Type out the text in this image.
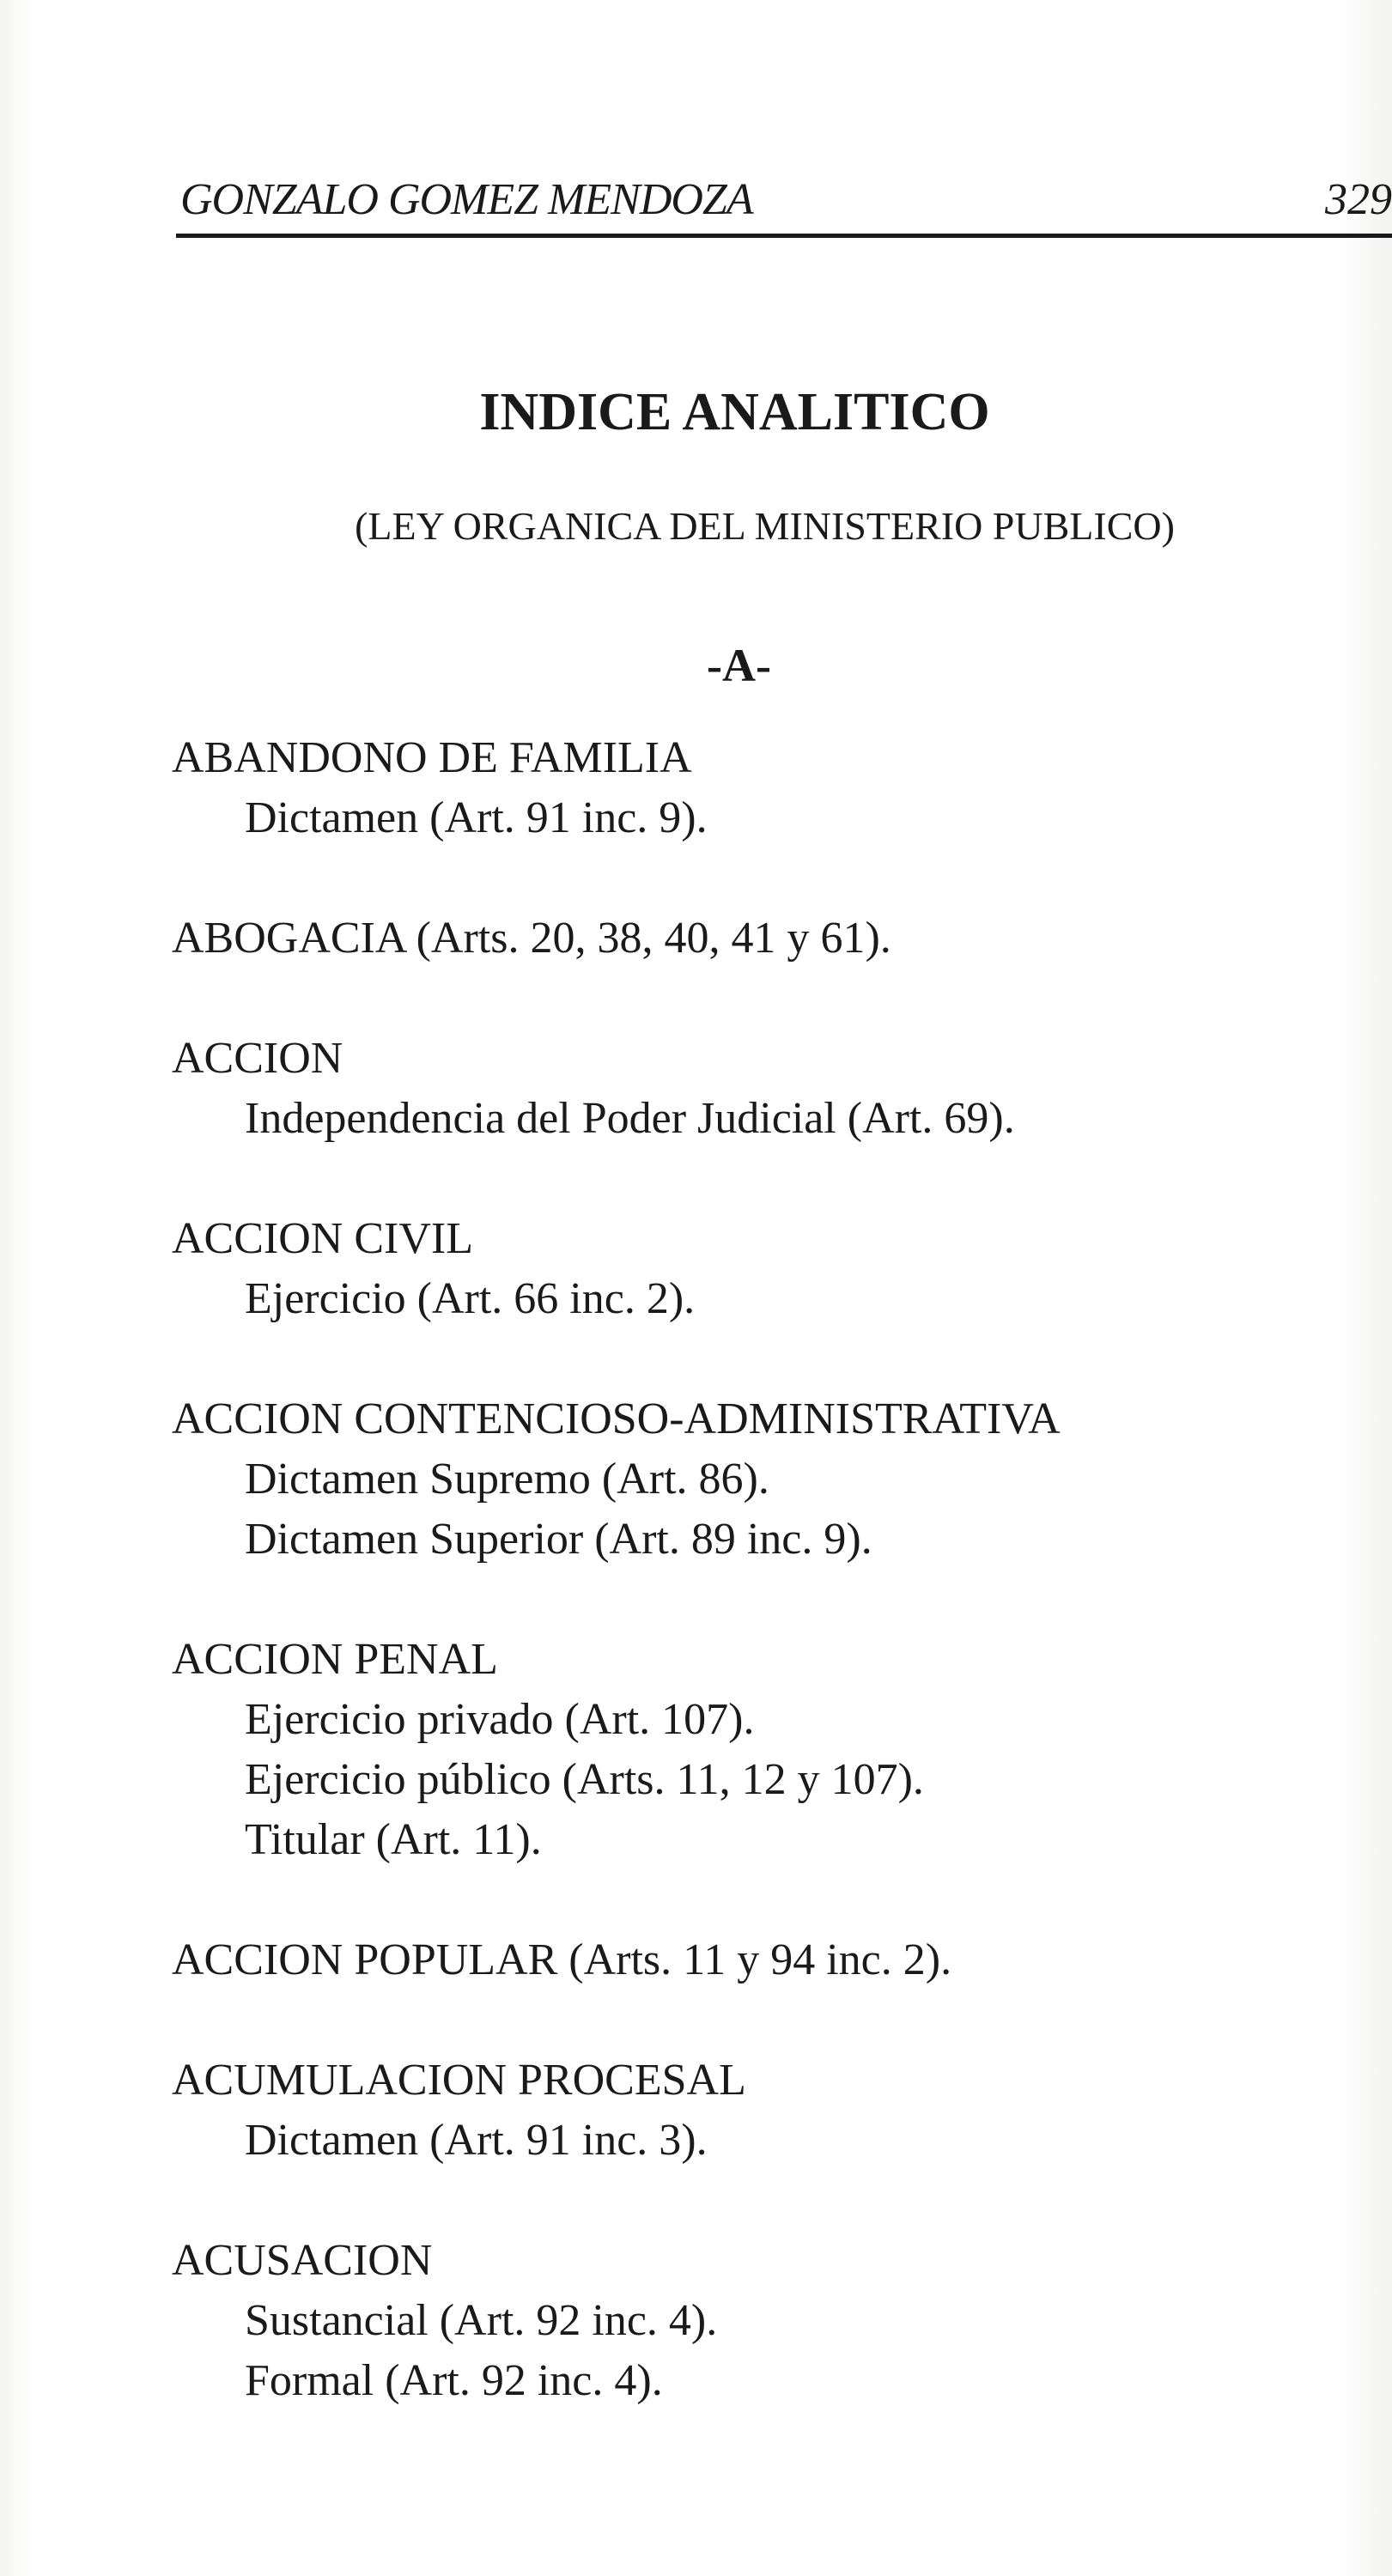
GONZALO GOMEZ MENDOZA	329
INDICE ANALITICO
(LEY ORGANICA DEL MINISTERIO PUBLICO)
-A-
ABANDONO DE FAMILIA
Dictamen (Art. 91 inc. 9).
ABOGACIA (Arts. 20, 38, 40, 41 y 61).
ACCION
Independencia del Poder Judicial (Art. 69).
ACCION CIVIL
Ejercicio (Art. 66 inc. 2).
ACCION CONTENCIOSO-ADMINISTRATIVA
Dictamen Supremo (Art. 86).
Dictamen Superior (Art. 89 inc. 9).
ACCION PENAL
Ejercicio privado (Art. 107).
Ejercicio público (Arts. 11, 12 y 107).
Titular (Art. 11).
ACCION POPULAR (Arts. 11 y 94 inc. 2).
ACUMULACION PROCESAL
Dictamen (Art. 91 inc. 3).
ACUSACION
Sustancial (Art. 92 inc. 4).
Formal (Art. 92 inc. 4).
